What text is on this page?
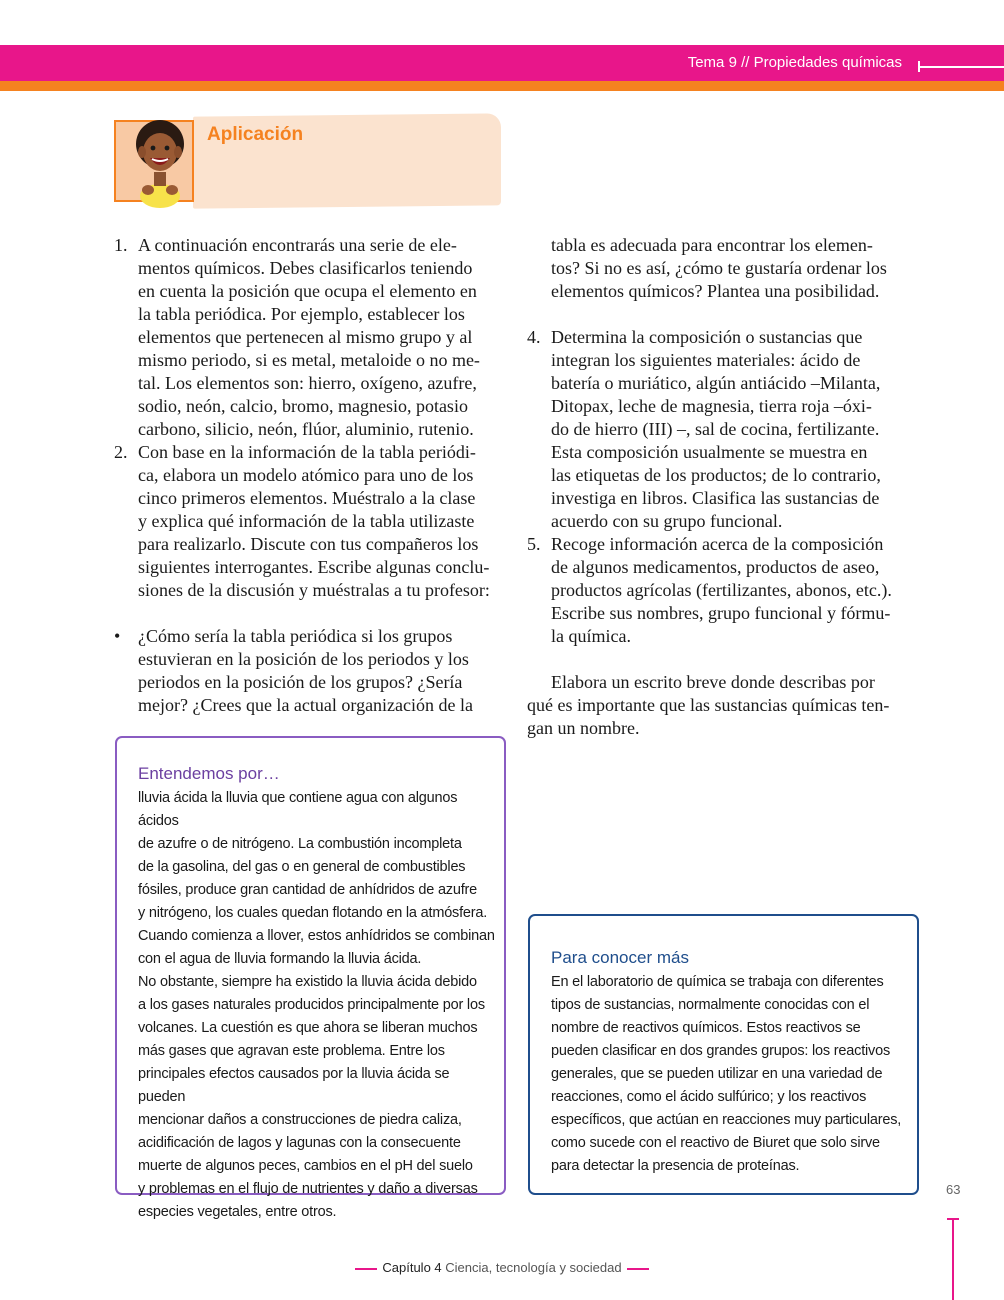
Tema 9 // Propiedades químicas
Aplicación
1. A continuación encontrarás una serie de ele-

mentos químicos. Debes clasificarlos teniendo

en cuenta la posición que ocupa el elemento en

la tabla periódica. Por ejemplo, establecer los

elementos que pertenecen al mismo grupo y al

mismo periodo, si es metal, metaloide o no me-

tal. Los elementos son: hierro, oxígeno, azufre,

sodio, neón, calcio, bromo, magnesio, potasio

carbono, silicio, neón, flúor, aluminio, rutenio.

2. Con base en la información de la tabla periódi-

ca, elabora un modelo atómico para uno de los

cinco primeros elementos. Muéstralo a la clase

y explica qué información de la tabla utilizaste

para realizarlo. Discute con tus compañeros los

siguientes interrogantes. Escribe algunas conclu-

siones de la discusión y muéstralas a tu profesor:

• ¿Cómo sería la tabla periódica si los grupos

estuvieran en la posición de los periodos y los

periodos en la posición de los grupos? ¿Sería

mejor? ¿Crees que la actual organización de la

tabla es adecuada para encontrar los elemen-

tos? Si no es así, ¿cómo te gustaría ordenar los

elementos químicos? Plantea una posibilidad.

4. Determina la composición o sustancias que

integran los siguientes materiales: ácido de

batería o muriático, algún antiácido –Milanta,

Ditopax, leche de magnesia, tierra roja –óxi-

do de hierro (III) –, sal de cocina, fertilizante.

Esta composición usualmente se muestra en

las etiquetas de los productos; de lo contrario,

investiga en libros. Clasifica las sustancias de

acuerdo con su grupo funcional.

5. Recoge información acerca de la composición

de algunos medicamentos, productos de aseo,

productos agrícolas (fertilizantes, abonos, etc.).

Escribe sus nombres, grupo funcional y fórmu-

la química.

Elabora un escrito breve donde describas por

qué es importante que las sustancias químicas ten-

gan un nombre.

Entendemos por…
lluvia ácida la lluvia que contiene agua con algunos ácidos
de azufre o de nitrógeno. La combustión incompleta
de la gasolina, del gas o en general de combustibles
fósiles, produce gran cantidad de anhídridos de azufre
y nitrógeno, los cuales quedan flotando en la atmósfera.
Cuando comienza a llover, estos anhídridos se combinan
con el agua de lluvia formando la lluvia ácida.
No obstante, siempre ha existido la lluvia ácida debido
a los gases naturales producidos principalmente por los
volcanes. La cuestión es que ahora se liberan muchos
más gases que agravan este problema. Entre los
principales efectos causados por la lluvia ácida se pueden
mencionar daños a construcciones de piedra caliza,
acidificación de lagos y lagunas con la consecuente
muerte de algunos peces, cambios en el pH del suelo
y problemas en el flujo de nutrientes y daño a diversas
especies vegetales, entre otros.
Para conocer más
En el laboratorio de química se trabaja con diferentes
tipos de sustancias, normalmente conocidas con el
nombre de reactivos químicos. Estos reactivos se
pueden clasificar en dos grandes grupos: los reactivos
generales, que se pueden utilizar en una variedad de
reacciones, como el ácido sulfúrico; y los reactivos
específicos, que actúan en reacciones muy particulares,
como sucede con el reactivo de Biuret que solo sirve
para detectar la presencia de proteínas.
63
Capítulo 4 Ciencia, tecnología y sociedad
